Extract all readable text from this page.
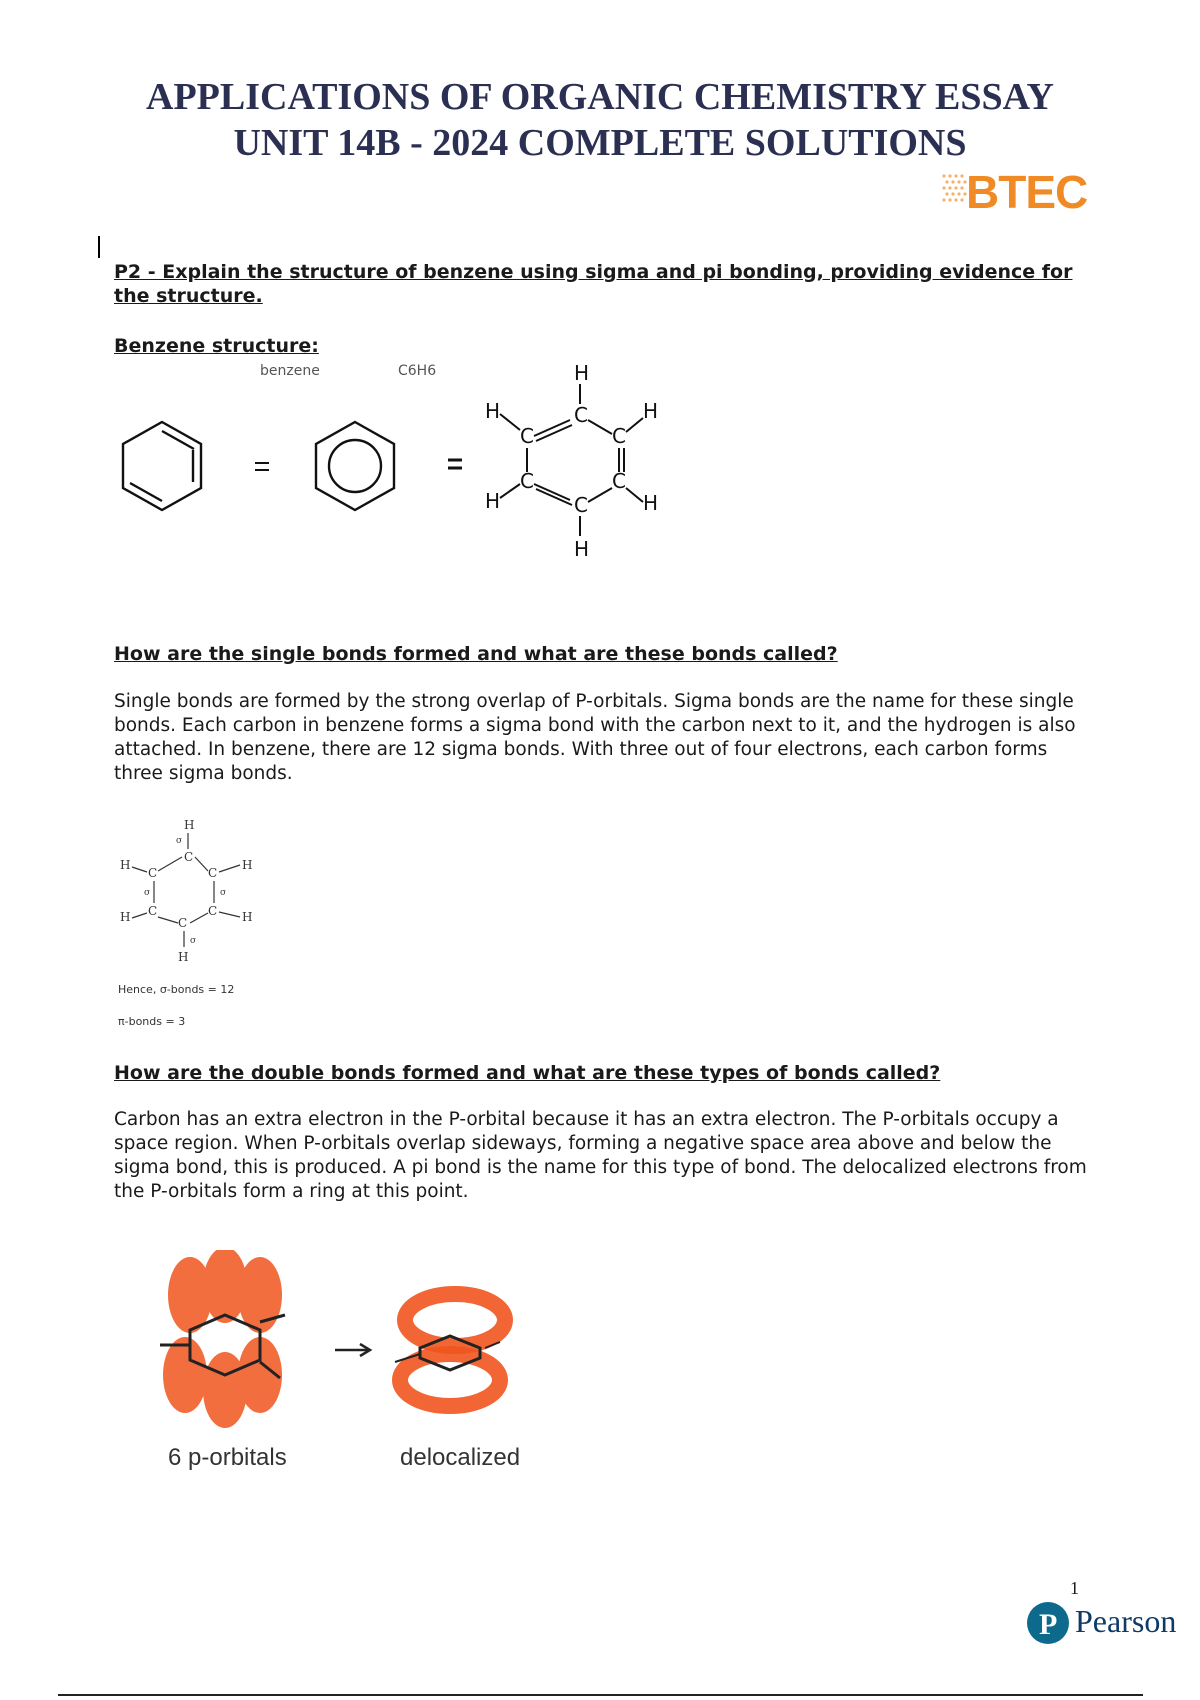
APPLICATIONS OF ORGANIC CHEMISTRY ESSAY
UNIT 14B - 2024 COMPLETE SOLUTIONS
BTEC
P2 - Explain the structure of benzene using sigma and pi bonding, providing evidence for the structure.
Benzene structure:
benzene	C6H6	H
C
H
C	C
H
C	C
H	H
C
H
How are the single bonds formed and what are these bonds called?
Single bonds are formed by the strong overlap of P-orbitals. Sigma bonds are the name for these single bonds. Each carbon in benzene forms a sigma bond with the carbon next to it, and the hydrogen is also attached. In benzene, there are 12 sigma bonds. With three out of four electrons, each carbon forms three sigma bonds.
H
σ
C
H
C	C
H
σ	σ
C	C
H	H
C
σ
H
Hence, σ-bonds = 12
π-bonds = 3
How are the double bonds formed and what are these types of bonds called?
Carbon has an extra electron in the P-orbital because it has an extra electron. The P-orbitals occupy a space region. When P-orbitals overlap sideways, forming a negative space area above and below the sigma bond, this is produced. A pi bond is the name for this type of bond. The delocalized electrons from the P-orbitals form a ring at this point.
6 p-orbitals	delocalized
1
P Pearson
